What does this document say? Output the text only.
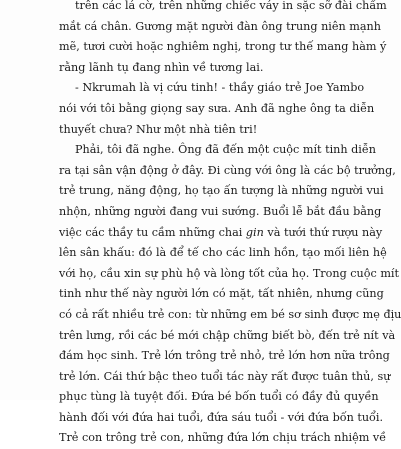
trên các lá cờ, trên những chiếc váy in sặc sỡ đài chấm
mắt cá chân. Gương mặt người đàn ông trung niên mạnh
mẽ, tươi cười hoặc nghiêm nghị, trong tư thế mang hàm ý
rằng lãnh tụ đang nhìn về tương lai.
- Nkrumah là vị cứu tinh! - thầy giáo trẻ Joe Yambo
nói với tôi bằng giọng say sưa. Anh đã nghe ông ta diễn
thuyết chưa? Như một nhà tiên tri!
Phải, tôi đã nghe. Ông đã đến một cuộc mít tinh diễn
ra tại sân vận động ở đây. Đi cùng với ông là các bộ trưởng,
trẻ trung, năng động, họ tạo ấn tượng là những người vui
nhộn, những người đang vui sướng. Buổi lễ bắt đầu bằng
việc các thầy tu cầm những chai gin và tưới thứ rượu này
lên sân khấu: đó là để tế cho các linh hồn, tạo mối liên hệ
với họ, cầu xin sự phù hộ và lòng tốt của họ. Trong cuộc mít
tinh như thế này người lớn có mặt, tất nhiên, nhưng cũng
có cả rất nhiều trẻ con: từ những em bé sơ sinh được mẹ địu
trên lưng, rồi các bé mới chập chững biết bò, đến trẻ nít và
đám học sinh. Trẻ lớn trông trẻ nhỏ, trẻ lớn hơn nữa trông
trẻ lớn. Cái thứ bậc theo tuổi tác này rất được tuân thủ, sự
phục tùng là tuyệt đối. Đứa bé bốn tuổi có đầy đủ quyền
hành đối với đứa hai tuổi, đứa sáu tuổi - với đứa bốn tuổi.
Trẻ con trông trẻ con, những đứa lớn chịu trách nhiệm về
